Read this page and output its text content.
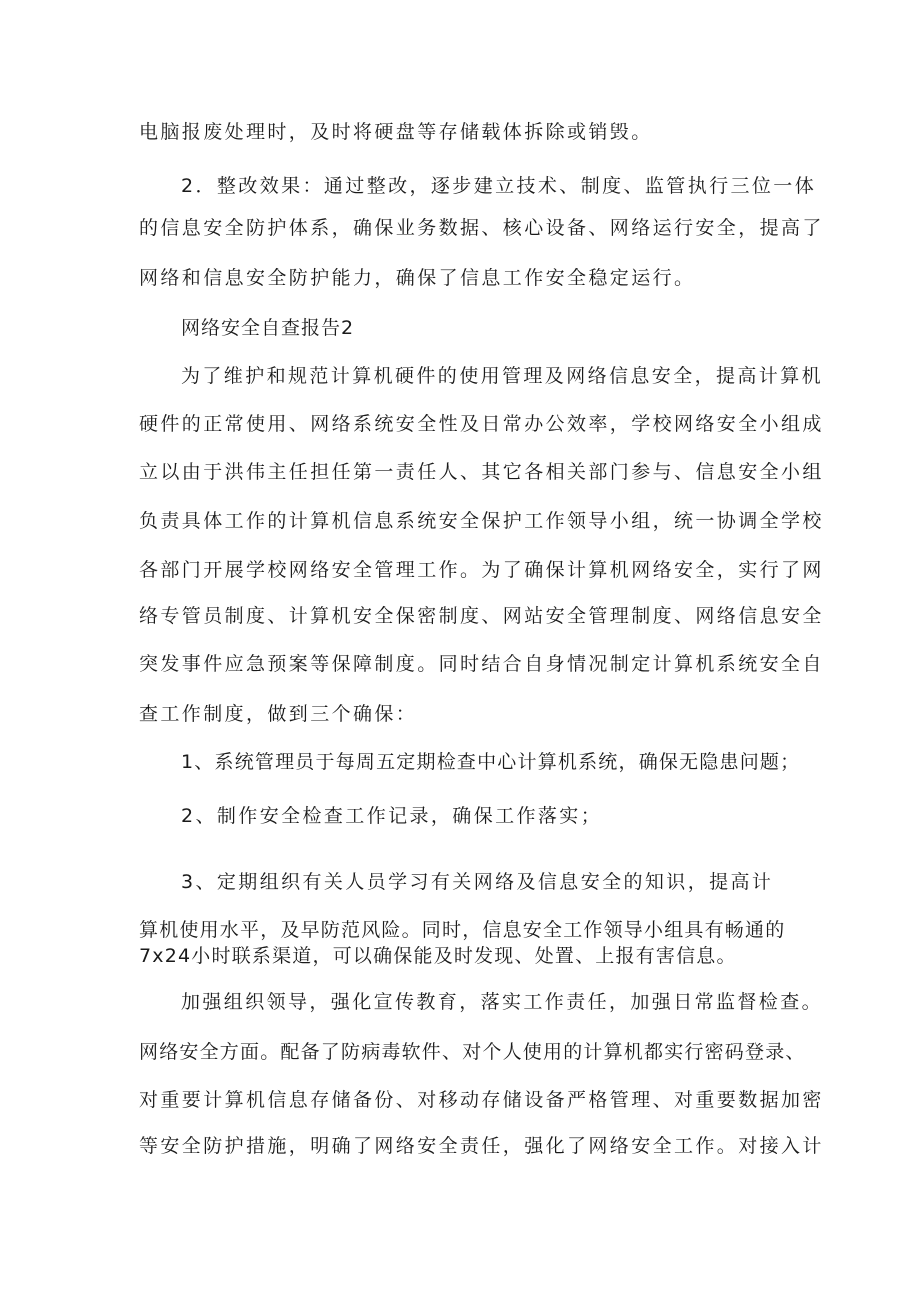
电脑报废处理时，及时将硬盘等存储载体拆除或销毁。
2．整改效果：通过整改，逐步建立技术、制度、监管执行三位一体
的信息安全防护体系，确保业务数据、核心设备、网络运行安全，提高了
网络和信息安全防护能力，确保了信息工作安全稳定运行。
网络安全自查报告2
为了维护和规范计算机硬件的使用管理及网络信息安全，提高计算机
硬件的正常使用、网络系统安全性及日常办公效率，学校网络安全小组成
立以由于洪伟主任担任第一责任人、其它各相关部门参与、信息安全小组
负责具体工作的计算机信息系统安全保护工作领导小组，统一协调全学校
各部门开展学校网络安全管理工作。为了确保计算机网络安全，实行了网
络专管员制度、计算机安全保密制度、网站安全管理制度、网络信息安全
突发事件应急预案等保障制度。同时结合自身情况制定计算机系统安全自
查工作制度，做到三个确保：
1、系统管理员于每周五定期检查中心计算机系统，确保无隐患问题；
2、制作安全检查工作记录，确保工作落实；
3、定期组织有关人员学习有关网络及信息安全的知识，提高计
算机使用水平，及早防范风险。同时，信息安全工作领导小组具有畅通的
7x24小时联系渠道，可以确保能及时发现、处置、上报有害信息。
加强组织领导，强化宣传教育，落实工作责任，加强日常监督检查。
网络安全方面。配备了防病毒软件、对个人使用的计算机都实行密码登录、
对重要计算机信息存储备份、对移动存储设备严格管理、对重要数据加密
等安全防护措施，明确了网络安全责任，强化了网络安全工作。对接入计
